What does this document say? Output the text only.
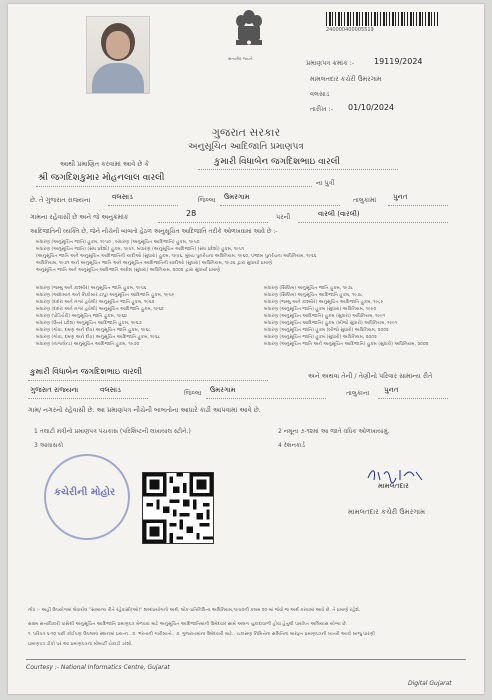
સત્યમેવ જયતે
240000400005519
પ્રમાણપત્ર ક્રમાંક :- 19119/2024
મામલતદાર કચેરી ઉમરગામ
વલસાડ
તારીખ :- 01/10/2024
ગુજરાત સરકાર
અનુસૂચિત આદિજાતિ પ્રમાણપત્ર
આથી પ્રમાણિત કરવામાં આવે છે કે	કુમારી વિધાબેન જગદિશભાઇ વારલી
શ્રી જગદિશકુમાર મોહનલાલ વારલી	ના પુત્રી
છે. તે ગુજરાત રાજ્યના	વલસાડ	જિલ્લા ઉમરગામ	તાલુકામાં પુનત
ગામના રહેવાસી છે અને જે અનુક્રમાંક	28	પરની	વારલી (વારલી)
આદિજાતિની વ્યક્તિ છે, જેને નીચેની બાબતો હેઠળ અનુસૂચિત આદિજાતિ તરીકે ઓળખવામાં આવે છે :-
બંધારણ (અનુસૂચિત જાતિ) હુકમ, ૧૯૫૦ , બંધારણ (અનુસૂચિત આદિજાતિ) હુકમ, ૧૯૫૦
બંધારણ (અનુસૂચિત જાતિ) (સંઘ પ્રદેશો) હુકમ, ૧૯૫૧, બંધારણ (અનુસૂચિત આદિજાતિ) (સંઘ પ્રદેશો) હુકમ, ૧૯૫૧
(અનુસૂચિત જાતિ અને અનુસૂચિત આદિજાતિની યાદીઓ (સુધારા) હુકમ, ૧૯૫૬, મુંબઇ પુનર્રચના અધિનિયમ, ૧૯૬૦, પંજાબ પુનર્રચના અધિનિયમ, ૧૯૬૬
અધિનિયમ, ૧૯૭૧ અને અનુસૂચિત જાતિ અને અનુસૂચિત આદિજાતિની યાદીઓ (સુધારા) અધિનિયમ, ૧૯૭૬ દ્વારા સુધાર્યા પ્રમાણે
અનુસૂચિત જાતિ અને અનુસૂચિત આદિજાતિ આદેશ (સુધારા) અધિનિયમ, ૨૦૦૨ દ્વારા સુધાર્યા પ્રમાણે
બંધારણ (જમ્મુ અને કાશ્મીર) અનુસૂચિત જાતિ હુકમ, ૧૯૫૬
બંધારણ (આંદામાન અને નિકોબાર ટાપુ) અનુસૂચિત આદિજાતિ હુકમ, ૧૯૫૯
બંધારણ (દાદરા અને નગર હવેલી) અનુસૂચિત જાતિ હુકમ, ૧૯૬૨
બંધારણ (દાદરા અને નગર હવેલી) અનુસૂચિત આદિજાતિ હુકમ, ૧૯૬૨
બંધારણ (પોંડિચેરી) અનુસૂચિત જાતિ હુકમ, ૧૯૬૪
બંધારણ (ઉત્તર પ્રદેશ) અનુસૂચિત આદિજાતિ હુકમ, ૧૯૬૭
બંધારણ (ગોવા, દમણ અને દીવ) અનુસૂચિત જાતિ હુકમ, ૧૯૬૮
બંધારણ (ગોવા, દમણ અને દીવ) અનુસૂચિત આદિજાતિ હુકમ, ૧૯૬૮
બંધારણ (નાગાલેન્ડ) અનુસૂચિત આદિજાતિ હુકમ, ૧૯૭૦
બંધારણ (સિક્કિમ) અનુસૂચિત જાતિ હુકમ, ૧૯૭૮
બંધારણ (સિક્કિમ) અનુસૂચિત આદિજાતિ હુકમ, ૧૯૭૮
બંધારણ (જમ્મુ અને કાશ્મીર) અનુસૂચિત આદિજાતિ હુકમ, ૧૯૮૯
બંધારણ (અનુસૂચિત જાતિ) હુકમ (સુધારા) અધિનિયમ, ૧૯૯૦
બંધારણ (અનુસૂચિત આદિજાતિ) હુકમ (સુધારા) અધિનિયમ, ૧૯૯૧
બંધારણ (અનુસૂચિત આદિજાતિ) હુકમ (બીજો સુધારો) અધિનિયમ, ૧૯૯૧
બંધારણ (અનુસૂચિત જાતિ) હુકમ (બીજો સુધારો) અધિનિયમ, ૨૦૦૨
બંધારણ (અનુસૂચિત જાતિ) હુકમ (સુધારો) અધિનિયમ, ૨૦૦૨
બંધારણ (અનુસૂચિત જાતિ અને અનુસૂચિત આદિજાતિ) હુકમ (સુધારો) અધિનિયમ, ૨૦૦૨
કુમારી વિધાબેન જગદિશભાઇ વારલી	અને અથવા તેની / તેણીનો પરિવાર સામાન્ય રીતે
ગુજરાત રાજ્યના	વલસાડ	જિલ્લા ઉમરગામ	તાલુકાના પુનત
ગામ/ નગરનો રહેવાસી છે. આ પ્રમાણપત્ર નીચેની બાબતોના આધારે કાઢી આપવામાં આવે છે.
1 તલાટી મંત્રીનો પ્રમાણપત્ર પંચકાસ (પરિશિષ્ટની લખાયાલ સ્ટીને.)	2 નમૂના ૭-૧૨માં આ જાતે વધિક ઓળખાયામું.
3 આવાસકો	4 રેશનકાર્ડ
કચેરીની મોહોર
મામલતદાર
મામલતદાર કચેરી ઉમરગામ
નોંધ :- અહીં ઉપયોગમાં લેવાયેલ "સામાન્ય રીતે રહેવાસી(ઓ)" શબ્દપ્રયોગનો અર્થ, લોક-પ્રતિનિધિત્વ અધિનિયમ,૧૯૫૦ની કલમ ૨૦-માં જેવો જ અર્થ કરવામાં આવે છે. તે પ્રમાણે રહેશે.
સક્ષમ સત્તાધિકારી પાસેથી અનુસૂચિત આદિજાતિ પ્રમાણપત્ર મેળવવા માટે અનુસૂચિત આદિજાતિમાંની ઉમેદવાર સામે અલગ ચુકાદાવાળી હોવા હેતુથી પાર્યાપ્ત અલિયાસ યોગ્ય છે.
૧. પરિપત્ર ૬-૧૦ પછી કોઈપણ ઉપલબ્ધ સ્થાનમાં પ્રયત્ન.. ૨. ભરતાની ગારીબાતો.. ૩. ગુજરાતમાંના ઉમેદવારી માટે.. ચકાસણ નિમિત્તેના સમિતિના મારફત પ્રમાણપત્રની ખાતરી આકો બાજુ ધારણી
પ્રમાણપત્ર ડીકો પર આ પ્રમાણપત્રના મોબાર્ટી ચેકાડી ડરશો.
Courtesy :- National Informatics Centre, Gujarat
Digital Gujarat
